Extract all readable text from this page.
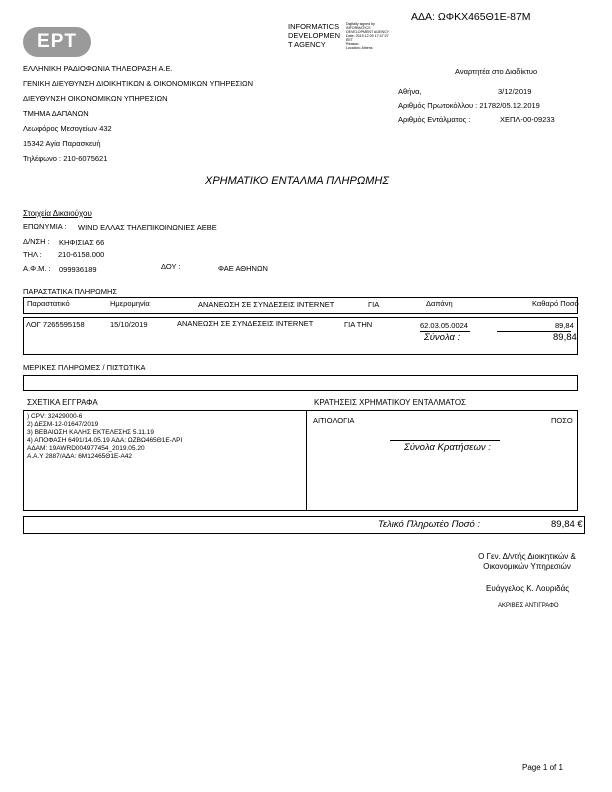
ΑΔΑ: ΩΦΚΧ465Θ1Ε-87Μ
INFORMATICS
DEVELOPMEN
T AGENCY
Digitally signed by
INFORMATICS
DEVELOPMENT AGENCY
Date: 2019.12.09 17:47:27
EET
Reason:
Location: Athens
ΕΡΤ
ΕΛΛΗΝΙΚΗ ΡΑΔΙΟΦΩΝΙΑ ΤΗΛΕΟΡΑΣΗ Α.Ε.
ΓΕΝΙΚΗ ΔΙΕΥΘΥΝΣΗ ΔΙΟΙΚΗΤΙΚΩΝ & ΟΙΚΟΝΟΜΙΚΩΝ ΥΠΗΡΕΣΙΩΝ
ΔΙΕΥΘΥΝΣΗ ΟΙΚΟΝΟΜΙΚΩΝ ΥΠΗΡΕΣΙΩΝ
ΤΜΗΜΑ ΔΑΠΑΝΩΝ
Λεωφόρος Μεσογείων 432
15342 Αγία Παρασκευή
Τηλέφωνο : 210-6075621
Αναρτητέα στο Διαδίκτυο
Αθήνα,	3/12/2019
Αριθμός Πρωτοκόλλου : 21782/05.12.2019
Αριθμός Εντάλματος :	ΧΕΠΛ-00-09233
ΧΡΗΜΑΤΙΚΟ ΕΝΤΑΛΜΑ ΠΛΗΡΩΜΗΣ
Στοιχεία Δικαιούχου
ΕΠΩΝΥΜΙΑ : WIND ΕΛΛΑΣ ΤΗΛΕΠΙΚΟΙΝΩΝΙΕΣ ΑΕΒΕ
Δ/ΝΣΗ : ΚΗΦΙΣΙΑΣ 66
ΤΗΛ : 210-6158.000
Α.Φ.Μ. : 099936189	ΔΟΥ :	ΦΑΕ ΑΘΗΝΩΝ
ΠΑΡΑΣΤΑΤΙΚΑ ΠΛΗΡΩΜΗΣ
Παραστατικό	Ημερομηνία	ΑΝΑΝΕΩΣΗ ΣΕ ΣΥΝΔΕΣΕΙΣ INTERNET	ΓΙΑ	Δαπάνη	Καθαρό Ποσό
ΛΟΓ 7265595158	15/10/2019	ΑΝΑΝΕΩΣΗ ΣΕ ΣΥΝΔΕΣΕΙΣ INTERNET	ΓΙΑ ΤΗΝ	62.03.05.0024	89,84
Σύνολα :	89,84
ΜΕΡΙΚΕΣ ΠΛΗΡΩΜΕΣ / ΠΙΣΤΩΤΙΚΑ
ΣΧΕΤΙΚΑ ΕΓΓΡΑΦΑ	ΚΡΑΤΗΣΕΙΣ ΧΡΗΜΑΤΙΚΟΥ ΕΝΤΑΛΜΑΤΟΣ
) CPV: 32429000-6
2) ΔΕΣΜ-12-01647/2019
3) ΒΕΒΑΙΩΣΗ ΚΑΛΗΣ ΕΚΤΕΛΕΣΗΣ 5.11.19
4) ΑΠΟΦΑΣΗ 6491/14.05.19 ΑΔΑ: ΩΖΒΩ465Θ1Ε-ΛΡΙ
ΑΔΑΜ: 19AWRD004977454_2019.05.20
Α.Α.Υ 2887/ΑΔΑ: 6Μ12465Θ1Ε-Α42
ΑΙΤΙΟΛΟΓΙΑ	ΠΟΣΟ
Σύνολα Κρατήσεων :
Τελικό Πληρωτέο Ποσό :	89,84 €
Ο Γεν. Δ/ντής Διοικητικών &
Οικονομικών Υπηρεσιών
Ευάγγελος Κ. Λουριδάς
ΑΚΡΙΒΕΣ ΑΝΤΙΓΡΑΦΟ
Page 1 of 1
